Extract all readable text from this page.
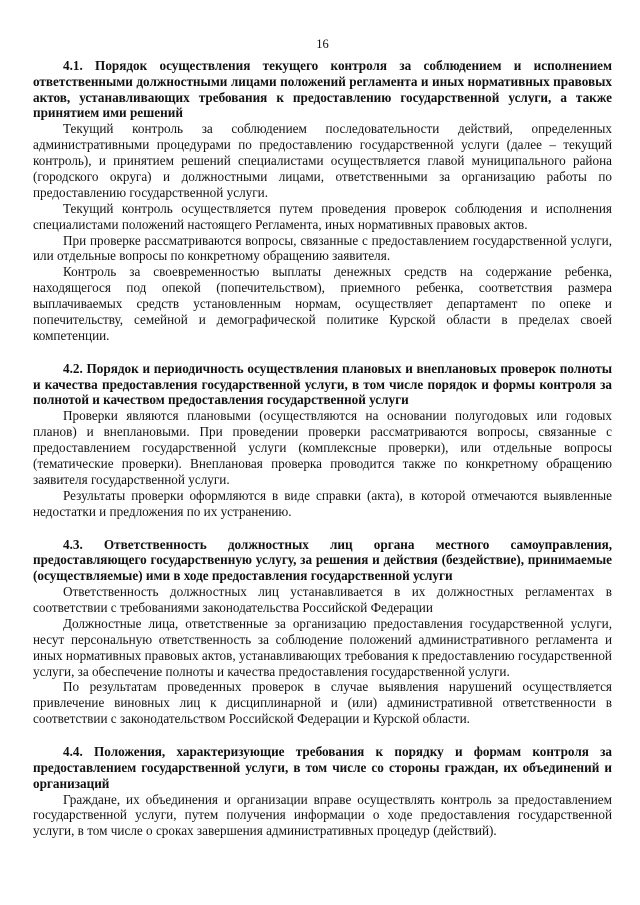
16

4.1. Порядок осуществления текущего контроля за соблюдением и исполнением ответственными должностными лицами положений регламента и иных нормативных правовых актов, устанавливающих требования к предоставлению государственной услуги, а также принятием ими решений

Текущий контроль за соблюдением последовательности действий, определенных административными процедурами по предоставлению государственной услуги (далее – текущий контроль), и принятием решений специалистами осуществляется главой муниципального района (городского округа) и должностными лицами, ответственными за организацию работы по предоставлению государственной услуги.

Текущий контроль осуществляется путем проведения проверок соблюдения и исполнения специалистами положений настоящего Регламента, иных нормативных правовых актов.

При проверке рассматриваются вопросы, связанные с предоставлением государственной услуги, или отдельные вопросы по конкретному обращению заявителя.

Контроль за своевременностью выплаты денежных средств на содержание ребенка, находящегося под опекой (попечительством), приемного ребенка, соответствия размера выплачиваемых средств установленным нормам, осуществляет департамент по опеке и попечительству, семейной и демографической политике Курской области в пределах своей компетенции.

4.2. Порядок и периодичность осуществления плановых и внеплановых проверок полноты и качества предоставления государственной услуги, в том числе порядок и формы контроля за полнотой и качеством предоставления государственной услуги

Проверки являются плановыми (осуществляются на основании полугодовых или годовых планов) и внеплановыми. При проведении проверки рассматриваются вопросы, связанные с предоставлением государственной услуги (комплексные проверки), или отдельные вопросы (тематические проверки). Внеплановая проверка проводится также по конкретному обращению заявителя государственной услуги.

Результаты проверки оформляются в виде справки (акта), в которой отмечаются выявленные недостатки и предложения по их устранению.

4.3. Ответственность должностных лиц органа местного самоуправления, предоставляющего государственную услугу, за решения и действия (бездействие), принимаемые (осуществляемые) ими в ходе предоставления государственной услуги

Ответственность должностных лиц устанавливается в их должностных регламентах в соответствии с требованиями законодательства Российской Федерации

Должностные лица, ответственные за организацию предоставления государственной услуги, несут персональную ответственность за соблюдение положений административного регламента и иных нормативных правовых актов, устанавливающих требования к предоставлению государственной услуги, за обеспечение полноты и качества предоставления государственной услуги.

По результатам проведенных проверок в случае выявления нарушений осуществляется привлечение виновных лиц к дисциплинарной и (или) административной ответственности в соответствии с законодательством Российской Федерации и Курской области.

4.4. Положения, характеризующие требования к порядку и формам контроля за предоставлением государственной услуги, в том числе со стороны граждан, их объединений и организаций

Граждане, их объединения и организации вправе осуществлять контроль за предоставлением государственной услуги, путем получения информации о ходе предоставления государственной услуги, в том числе о сроках завершения административных процедур (действий).
